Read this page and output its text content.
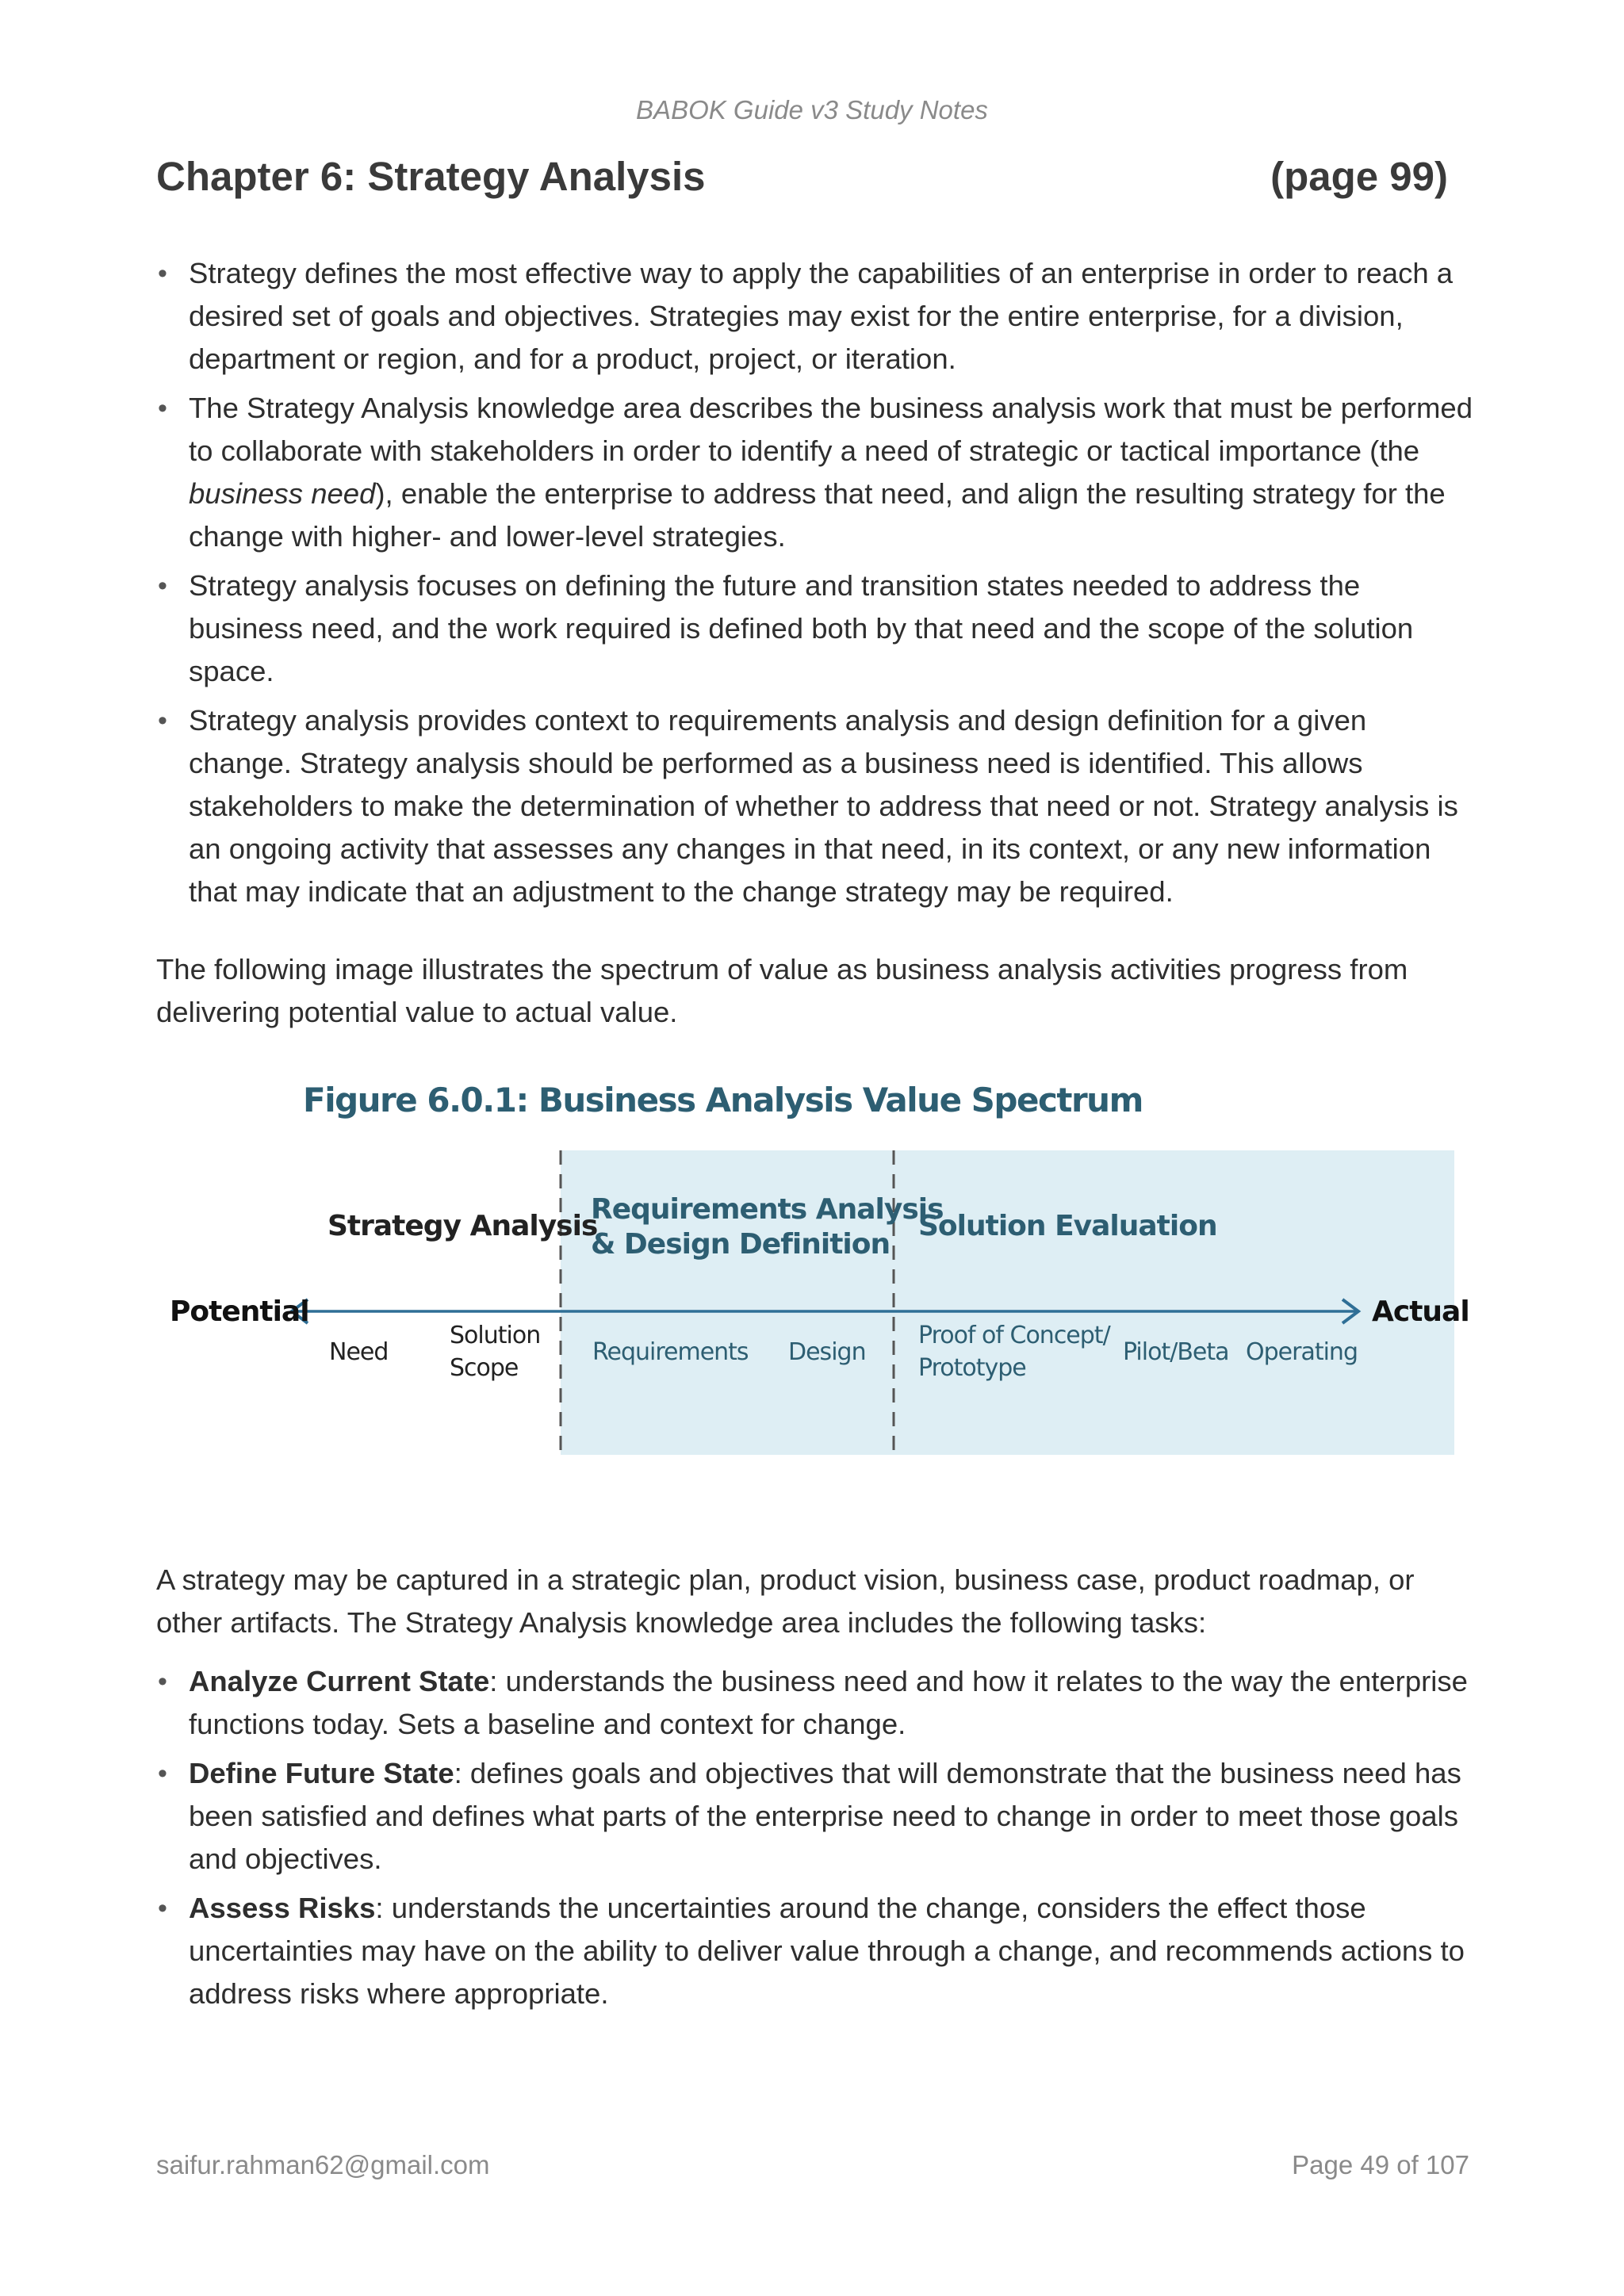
BABOK Guide v3 Study Notes
Chapter 6: Strategy Analysis	(page 99)
• Strategy defines the most effective way to apply the capabilities of an enterprise in order to reach a desired set of goals and objectives. Strategies may exist for the entire enterprise, for a division, department or region, and for a product, project, or iteration.
• The Strategy Analysis knowledge area describes the business analysis work that must be performed to collaborate with stakeholders in order to identify a need of strategic or tactical importance (the business need), enable the enterprise to address that need, and align the resulting strategy for the change with higher- and lower-level strategies.
• Strategy analysis focuses on defining the future and transition states needed to address the business need, and the work required is defined both by that need and the scope of the solution space.
• Strategy analysis provides context to requirements analysis and design definition for a given change. Strategy analysis should be performed as a business need is identified. This allows stakeholders to make the determination of whether to address that need or not. Strategy analysis is an ongoing activity that assesses any changes in that need, in its context, or any new information that may indicate that an adjustment to the change strategy may be required.

The following image illustrates the spectrum of value as business analysis activities progress from delivering potential value to actual value.

Strategy Analysis
Requirements Analysis
& Design Definition
Solution Evaluation
Potential	Actual
Need
Solution
Scope
Requirements Design
Proof of Concept/
Prototype
Pilot/Beta Operating
Figure 6.0.1: Business Analysis Value Spectrum

A strategy may be captured in a strategic plan, product vision, business case, product roadmap, or other artifacts. The Strategy Analysis knowledge area includes the following tasks:

• Analyze Current State: understands the business need and how it relates to the way the enterprise functions today. Sets a baseline and context for change.
• Define Future State: defines goals and objectives that will demonstrate that the business need has been satisfied and defines what parts of the enterprise need to change in order to meet those goals and objectives.
• Assess Risks: understands the uncertainties around the change, considers the effect those uncertainties may have on the ability to deliver value through a change, and recommends actions to address risks where appropriate.
saifur.rahman62@gmail.com	Page 49 of 107
